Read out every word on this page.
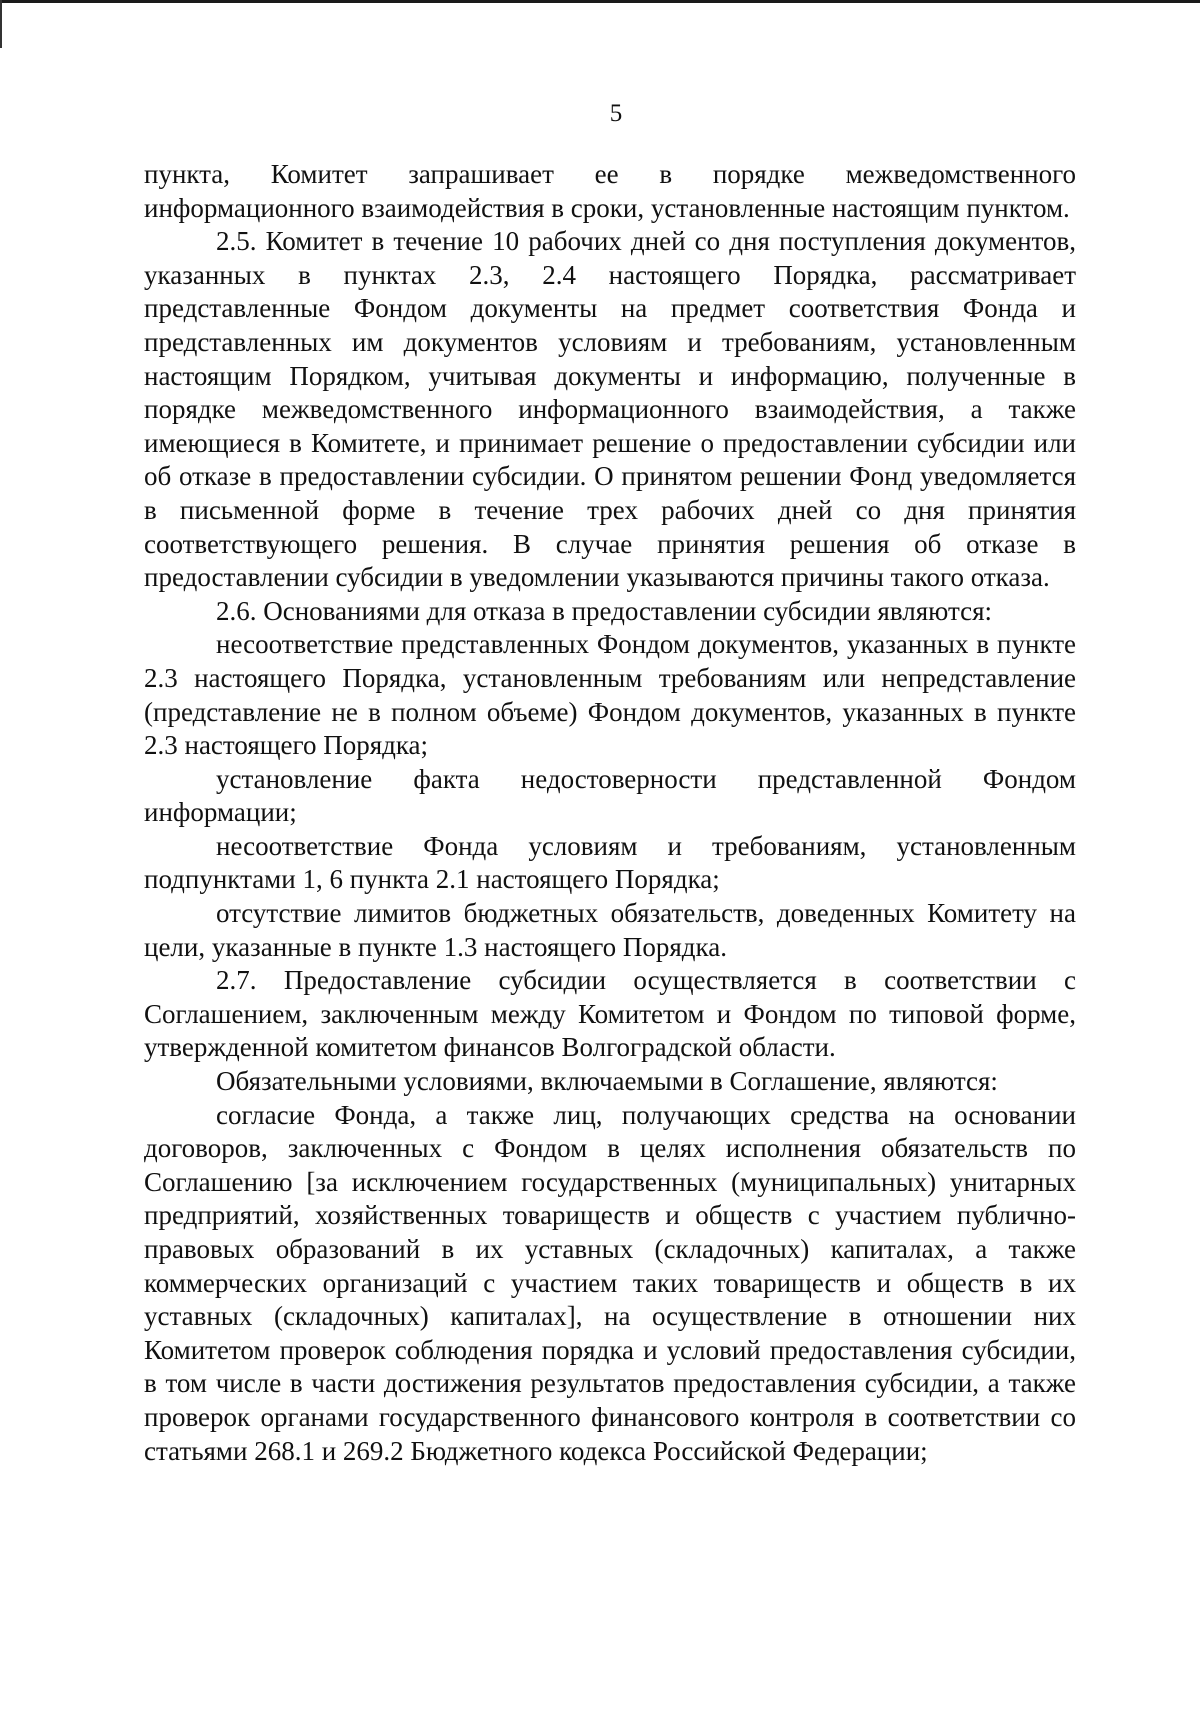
5

пункта, Комитет запрашивает ее в порядке межведомственного информационного взаимодействия в сроки, установленные настоящим пунктом.

2.5. Комитет в течение 10 рабочих дней со дня поступления документов, указанных в пунктах 2.3, 2.4 настоящего Порядка, рассматривает представленные Фондом документы на предмет соответствия Фонда и представленных им документов условиям и требованиям, установленным настоящим Порядком, учитывая документы и информацию, полученные в порядке межведомственного информационного взаимодействия, а также имеющиеся в Комитете, и принимает решение о предоставлении субсидии или об отказе в предоставлении субсидии. О принятом решении Фонд уведомляется в письменной форме в течение трех рабочих дней со дня принятия соответствующего решения. В случае принятия решения об отказе в предоставлении субсидии в уведомлении указываются причины такого отказа.

2.6. Основаниями для отказа в предоставлении субсидии являются:

несоответствие представленных Фондом документов, указанных в пункте 2.3 настоящего Порядка, установленным требованиям или непредставление (представление не в полном объеме) Фондом документов, указанных в пункте 2.3 настоящего Порядка;

установление факта недостоверности представленной Фондом информации;

несоответствие Фонда условиям и требованиям, установленным подпунктами 1, 6 пункта 2.1 настоящего Порядка;

отсутствие лимитов бюджетных обязательств, доведенных Комитету на цели, указанные в пункте 1.3 настоящего Порядка.

2.7. Предоставление субсидии осуществляется в соответствии с Соглашением, заключенным между Комитетом и Фондом по типовой форме, утвержденной комитетом финансов Волгоградской области.

Обязательными условиями, включаемыми в Соглашение, являются:

согласие Фонда, а также лиц, получающих средства на основании договоров, заключенных с Фондом в целях исполнения обязательств по Соглашению [за исключением государственных (муниципальных) унитарных предприятий, хозяйственных товариществ и обществ с участием публично-правовых образований в их уставных (складочных) капиталах, а также коммерческих организаций с участием таких товариществ и обществ в их уставных (складочных) капиталах], на осуществление в отношении них Комитетом проверок соблюдения порядка и условий предоставления субсидии, в том числе в части достижения результатов предоставления субсидии, а также проверок органами государственного финансового контроля в соответствии со статьями 268.1 и 269.2 Бюджетного кодекса Российской Федерации;
